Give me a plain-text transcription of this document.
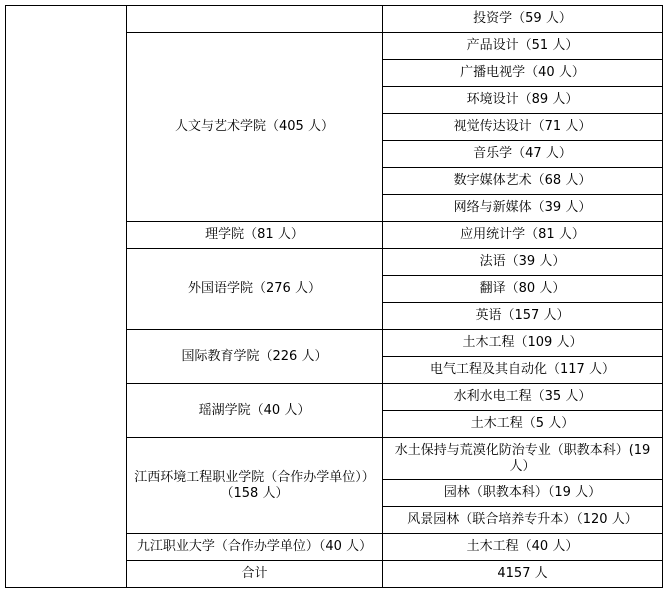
		投资学（59 人）
	人文与艺术学院（405 人）	产品设计（51 人）
		广播电视学（40 人）
		环境设计（89 人）
		视觉传达设计（71 人）
		音乐学（47 人）
		数字媒体艺术（68 人）
		网络与新媒体（39 人）
	理学院（81 人）	应用统计学（81 人）
	外国语学院（276 人）	法语（39 人）
		翻译（80 人）
		英语（157 人）
	国际教育学院（226 人）	土木工程（109 人）
		电气工程及其自动化（117 人）
	瑶湖学院（40 人）	水利水电工程（35 人）
		土木工程（5 人）
	江西环境工程职业学院（合作办学单位））（158 人）	水土保持与荒漠化防治专业（职教本科）(19 人）
		园林（职教本科）（19 人）
		风景园林（联合培养专升本）（120 人）
	九江职业大学（合作办学单位）（40 人）	土木工程（40 人）
	合计	4157 人
